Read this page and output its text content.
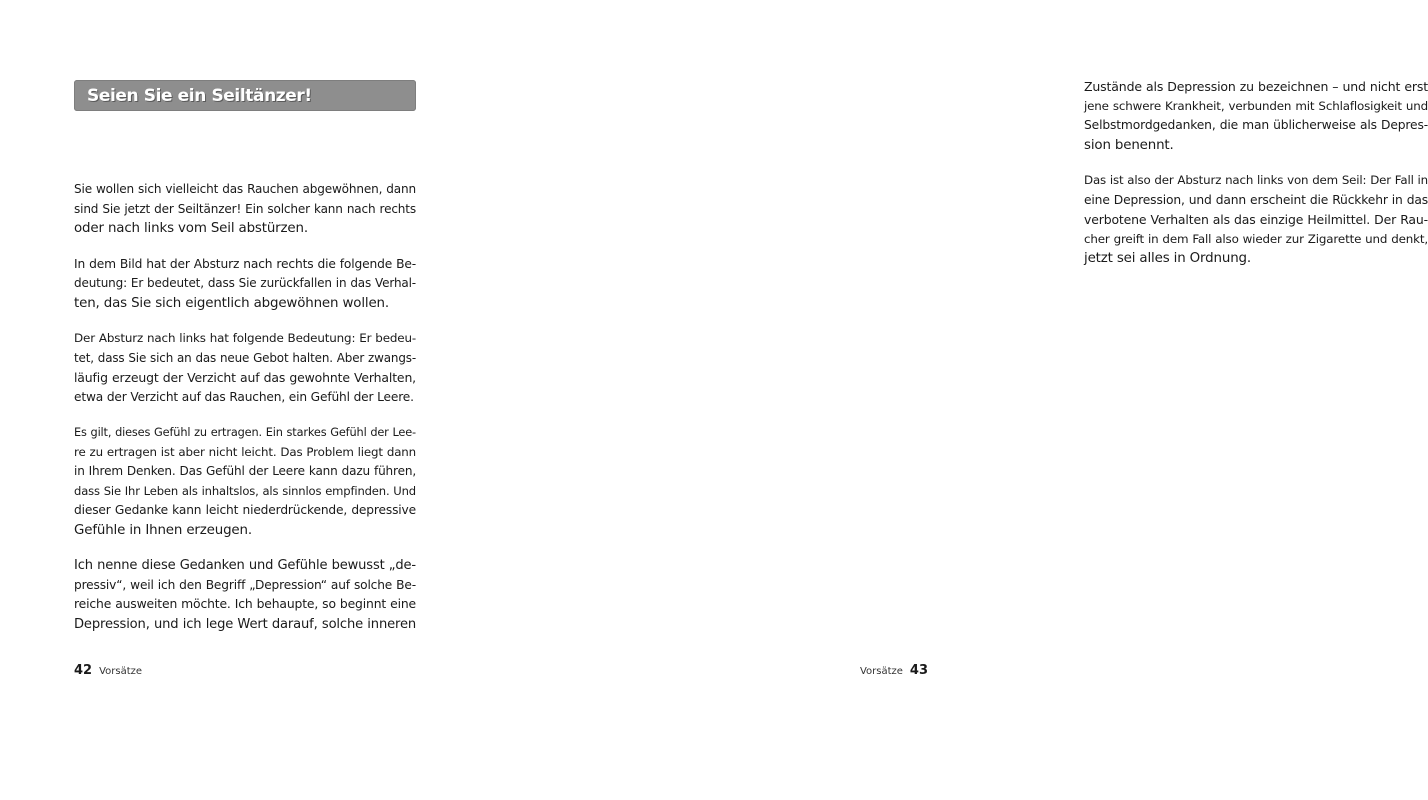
Seien Sie ein Seiltänzer!

Sie wollen sich vielleicht das Rauchen abgewöhnen, dann
sind Sie jetzt der Seiltänzer! Ein solcher kann nach rechts
oder nach links vom Seil abstürzen.

In dem Bild hat der Absturz nach rechts die folgende Be-
deutung: Er bedeutet, dass Sie zurückfallen in das Verhal-
ten, das Sie sich eigentlich abgewöhnen wollen.

Der Absturz nach links hat folgende Bedeutung: Er bedeu-
tet, dass Sie sich an das neue Gebot halten. Aber zwangs-
läufig erzeugt der Verzicht auf das gewohnte Verhalten,
etwa der Verzicht auf das Rauchen, ein Gefühl der Leere.

Es gilt, dieses Gefühl zu ertragen. Ein starkes Gefühl der Lee-
re zu ertragen ist aber nicht leicht. Das Problem liegt dann
in Ihrem Denken. Das Gefühl der Leere kann dazu führen,
dass Sie Ihr Leben als inhaltslos, als sinnlos empfinden. Und
dieser Gedanke kann leicht niederdrückende, depressive
Gefühle in Ihnen erzeugen.

Ich nenne diese Gedanken und Gefühle bewusst „de-
pressiv“, weil ich den Begriff „Depression“ auf solche Be-
reiche ausweiten möchte. Ich behaupte, so beginnt eine
Depression, und ich lege Wert darauf, solche inneren

42 Vorsätze

Zustände als Depression zu bezeichnen – und nicht erst
jene schwere Krankheit, verbunden mit Schlaflosigkeit und
Selbstmordgedanken, die man üblicherweise als Depres-
sion benennt.

Das ist also der Absturz nach links von dem Seil: Der Fall in
eine Depression, und dann erscheint die Rückkehr in das
verbotene Verhalten als das einzige Heilmittel. Der Rau-
cher greift in dem Fall also wieder zur Zigarette und denkt,
jetzt sei alles in Ordnung.

Vorsätze 43
